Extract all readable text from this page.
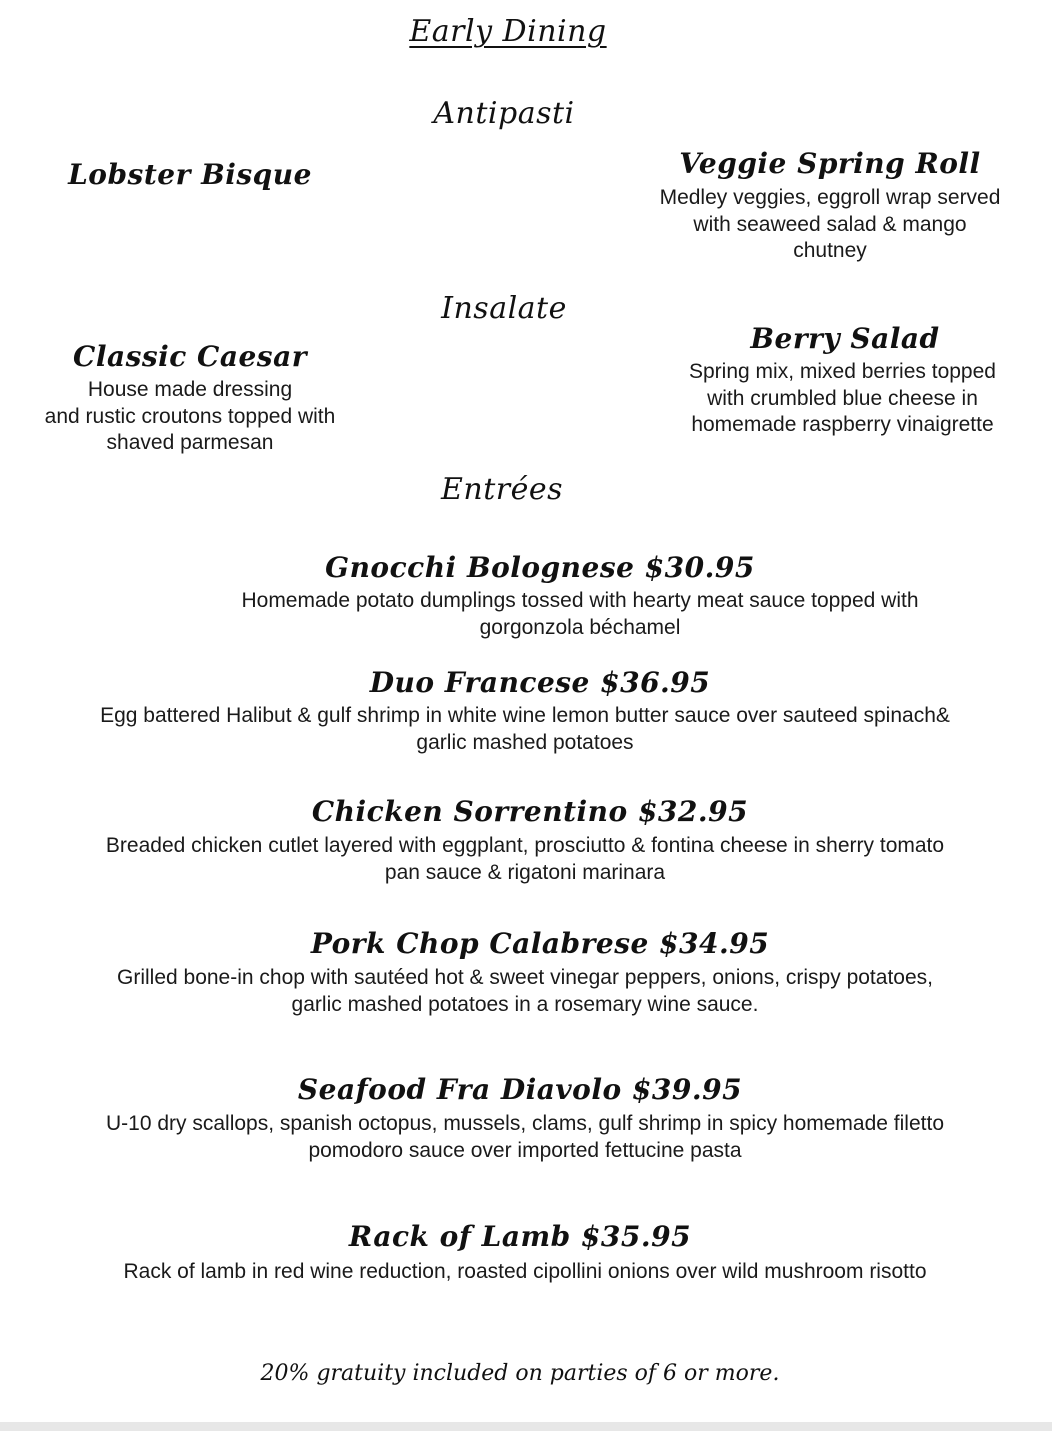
Early Dining
Antipasti
Lobster Bisque	Veggie Spring Roll
Medley veggies, eggroll wrap served
with seaweed salad & mango
chutney
Insalate
Classic Caesar
House made dressing
and rustic croutons topped with
shaved parmesan
Berry Salad
Spring mix, mixed berries topped
with crumbled blue cheese in
homemade raspberry vinaigrette
Entrées
Gnocchi Bolognese $30.95
Homemade potato dumplings tossed with hearty meat sauce topped with
gorgonzola béchamel
Duo Francese $36.95
Egg battered Halibut & gulf shrimp in white wine lemon butter sauce over sauteed spinach&
garlic mashed potatoes
Chicken Sorrentino $32.95
Breaded chicken cutlet layered with eggplant, prosciutto & fontina cheese in sherry tomato
pan sauce & rigatoni marinara
Pork Chop Calabrese $34.95
Grilled bone-in chop with sautéed hot & sweet vinegar peppers, onions, crispy potatoes,
garlic mashed potatoes in a rosemary wine sauce.
Seafood Fra Diavolo $39.95
U-10 dry scallops, spanish octopus, mussels, clams, gulf shrimp in spicy homemade filetto
pomodoro sauce over imported fettucine pasta
Rack of Lamb $35.95
Rack of lamb in red wine reduction, roasted cipollini onions over wild mushroom risotto
20% gratuity included on parties of 6 or more.
